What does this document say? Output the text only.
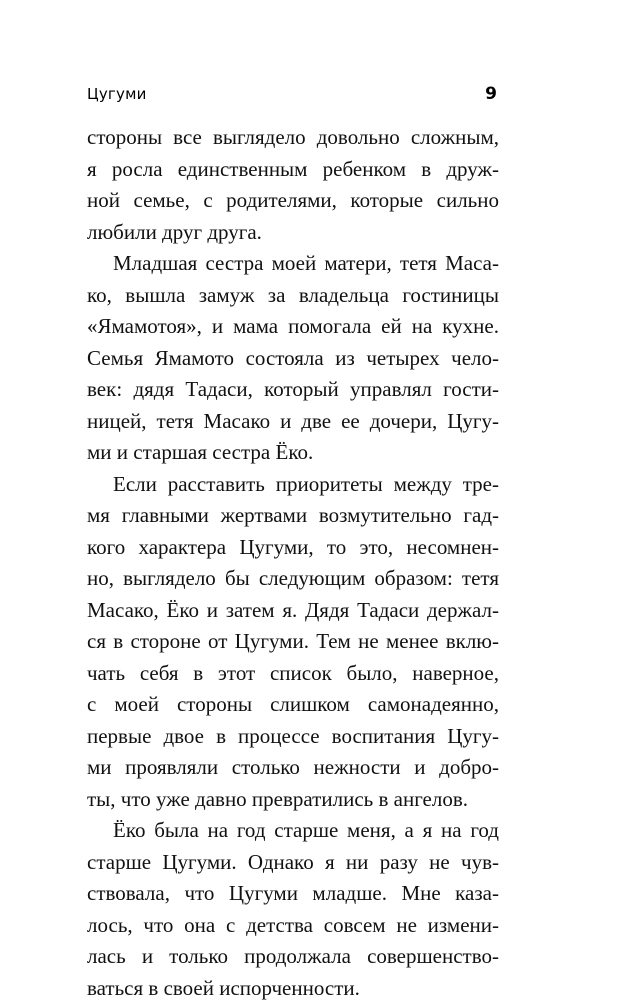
Цугуми	9
стороны все выглядело довольно сложным,
я росла единственным ребенком в друж-
ной семье, с родителями, которые сильно
любили друг друга.
Младшая сестра моей матери, тетя Маса-
ко, вышла замуж за владельца гостиницы
«Ямамотоя», и мама помогала ей на кухне.
Семья Ямамото состояла из четырех чело-
век: дядя Тадаси, который управлял гости-
ницей, тетя Масако и две ее дочери, Цугу-
ми и старшая сестра Ёко.
Если расставить приоритеты между тре-
мя главными жертвами возмутительно гад-
кого характера Цугуми, то это, несомнен-
но, выглядело бы следующим образом: тетя
Масако, Ёко и затем я. Дядя Тадаси держал-
ся в стороне от Цугуми. Тем не менее вклю-
чать себя в этот список было, наверное,
с моей стороны слишком самонадеянно,
первые двое в процессе воспитания Цугу-
ми проявляли столько нежности и добро-
ты, что уже давно превратились в ангелов.
Ёко была на год старше меня, а я на год
старше Цугуми. Однако я ни разу не чув-
ствовала, что Цугуми младше. Мне каза-
лось, что она с детства совсем не измени-
лась и только продолжала совершенство-
ваться в своей испорченности.
